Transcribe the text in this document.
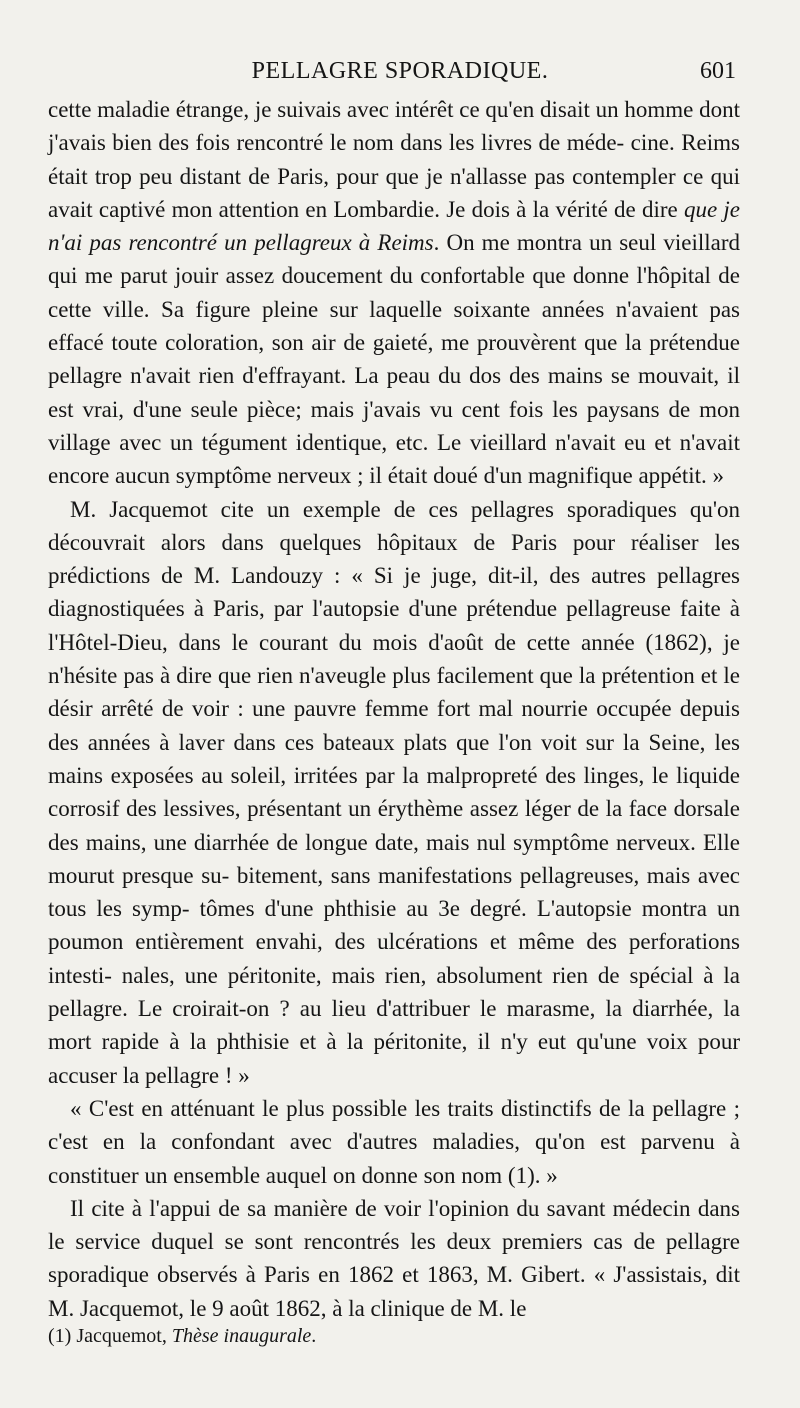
PELLAGRE SPORADIQUE.	601

cette maladie étrange, je suivais avec intérêt ce qu'en disait un homme dont j'avais bien des fois rencontré le nom dans les livres de méde- cine. Reims était trop peu distant de Paris, pour que je n'allasse pas contempler ce qui avait captivé mon attention en Lombardie. Je dois à la vérité de dire que je n'ai pas rencontré un pellagreux à Reims. On me montra un seul vieillard qui me parut jouir assez doucement du confortable que donne l'hôpital de cette ville. Sa figure pleine sur laquelle soixante années n'avaient pas effacé toute coloration, son air de gaieté, me prouvèrent que la prétendue pellagre n'avait rien d'effrayant. La peau du dos des mains se mouvait, il est vrai, d'une seule pièce; mais j'avais vu cent fois les paysans de mon village avec un tégument identique, etc. Le vieillard n'avait eu et n'avait encore aucun symptôme nerveux ; il était doué d'un magnifique appétit. »

M. Jacquemot cite un exemple de ces pellagres sporadiques qu'on découvrait alors dans quelques hôpitaux de Paris pour réaliser les prédictions de M. Landouzy : « Si je juge, dit-il, des autres pellagres diagnostiquées à Paris, par l'autopsie d'une prétendue pellagreuse faite à l'Hôtel-Dieu, dans le courant du mois d'août de cette année (1862), je n'hésite pas à dire que rien n'aveugle plus facilement que la prétention et le désir arrêté de voir : une pauvre femme fort mal nourrie occupée depuis des années à laver dans ces bateaux plats que l'on voit sur la Seine, les mains exposées au soleil, irritées par la malpropreté des linges, le liquide corrosif des lessives, présentant un érythème assez léger de la face dorsale des mains, une diarrhée de longue date, mais nul symptôme nerveux. Elle mourut presque su- bitement, sans manifestations pellagreuses, mais avec tous les symp- tômes d'une phthisie au 3e degré. L'autopsie montra un poumon entièrement envahi, des ulcérations et même des perforations intesti- nales, une péritonite, mais rien, absolument rien de spécial à la pellagre. Le croirait-on ? au lieu d'attribuer le marasme, la diarrhée, la mort rapide à la phthisie et à la péritonite, il n'y eut qu'une voix pour accuser la pellagre ! »

« C'est en atténuant le plus possible les traits distinctifs de la pellagre ; c'est en la confondant avec d'autres maladies, qu'on est parvenu à constituer un ensemble auquel on donne son nom (1). »

Il cite à l'appui de sa manière de voir l'opinion du savant médecin dans le service duquel se sont rencontrés les deux premiers cas de pellagre sporadique observés à Paris en 1862 et 1863, M. Gibert. « J'assistais, dit M. Jacquemot, le 9 août 1862, à la clinique de M. le

(1) Jacquemot, Thèse inaugurale.
